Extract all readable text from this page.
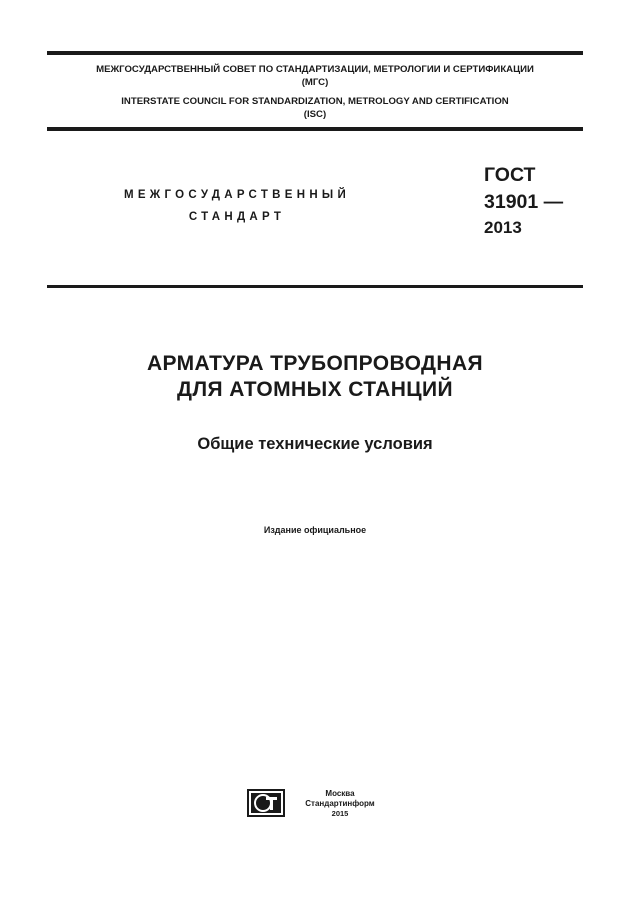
МЕЖГОСУДАРСТВЕННЫЙ СОВЕТ ПО СТАНДАРТИЗАЦИИ, МЕТРОЛОГИИ И СЕРТИФИКАЦИИ
(МГС)
INTERSTATE COUNCIL FOR STANDARDIZATION, METROLOGY AND CERTIFICATION
(ISC)
МЕЖГОСУДАРСТВЕННЫЙ
СТАНДАРТ
ГОСТ
31901 —
2013
АРМАТУРА ТРУБОПРОВОДНАЯ
ДЛЯ АТОМНЫХ СТАНЦИЙ
Общие технические условия
Издание официальное
Москва
Стандартинформ
2015
